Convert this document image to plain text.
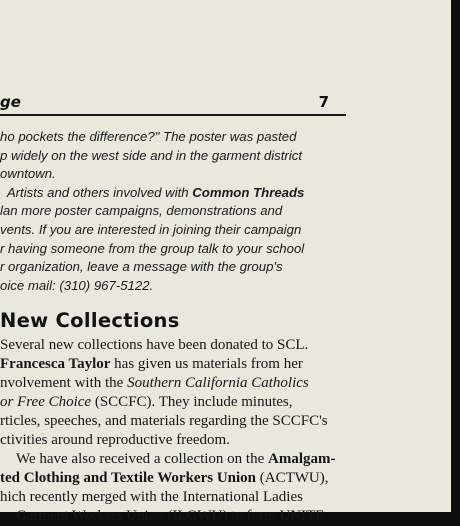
ge	7
ho pockets the difference?" The poster was pasted
p widely on the west side and in the garment district
owntown.
Artists and others involved with Common Threads
lan more poster campaigns, demonstrations and
vents. If you are interested in joining their campaign
r having someone from the group talk to your school
r organization, leave a message with the group's
oice mail: (310) 967-5122.
New Collections
Several new collections have been donated to SCL.
Francesca Taylor has given us materials from her
nvolvement with the Southern California Catholics
or Free Choice (SCCFC). They include minutes,
rticles, speeches, and materials regarding the SCCFC's
ctivities around reproductive freedom.
We have also received a collection on the Amalgam-
ted Clothing and Textile Workers Union (ACTWU),
hich recently merged with the International Ladies
Garment Workers Union (ILGWU) to form UNITE
